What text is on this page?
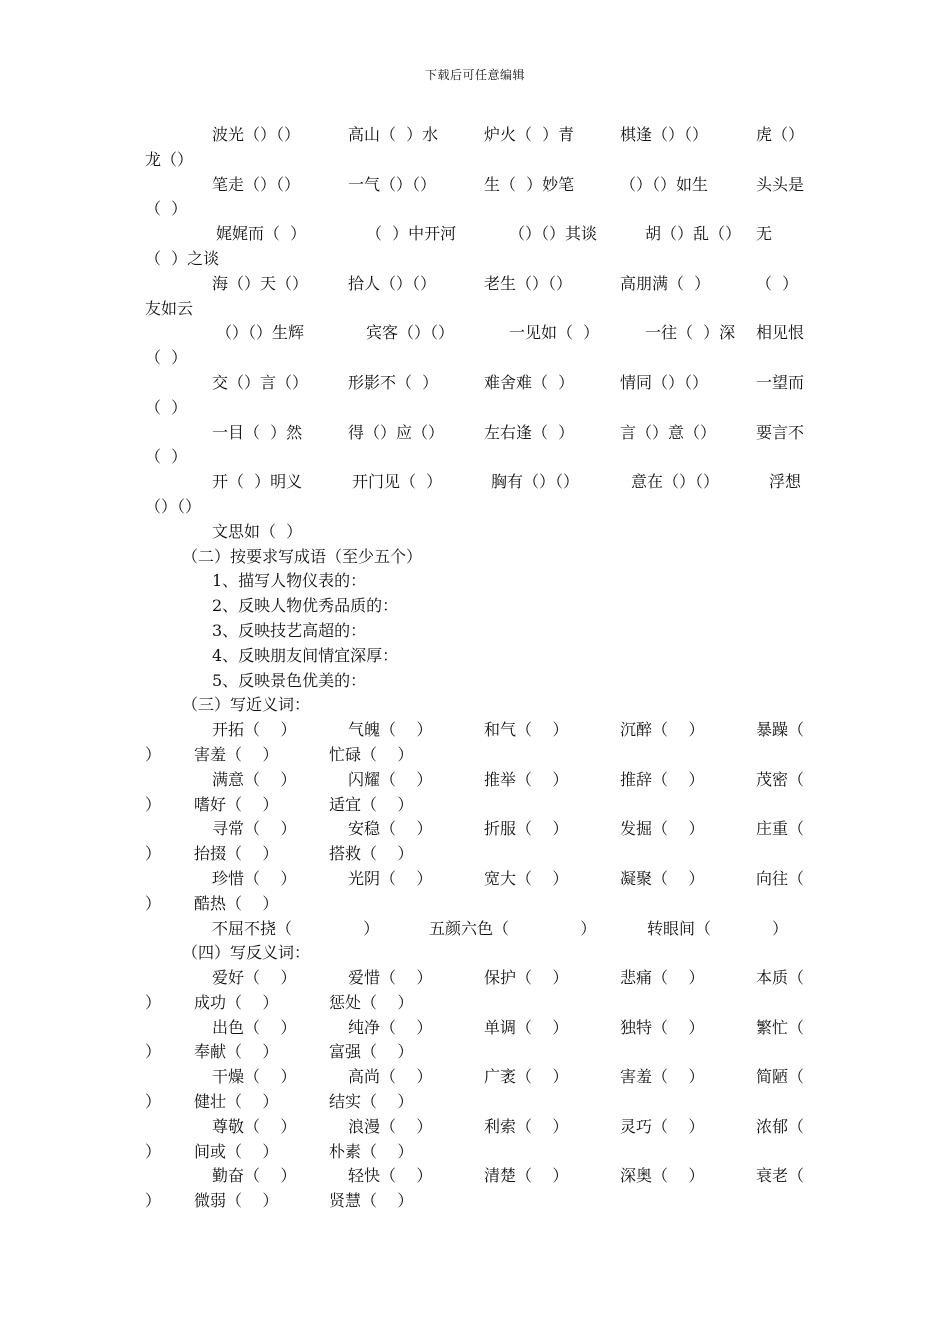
下载后可任意编辑
波光（）（）	高山（  ）水	炉火（  ）青	棋逢（）（）	虎（）
龙（）
笔走（）（）	一气（）（）	生（  ）妙笔	（）（）如生	头头是
（  ）
娓娓而（  ）	（  ）中开河	（）（）其谈	胡（）乱（） 无
（  ）之谈
海（）天（） 拾人（）（）	老生（）（）	高朋满（  ）	（  ）
友如云
（）（）生辉	宾客（）（）	一见如（  ）	一往（  ）深 相见恨
（  ）
交（）言（） 形影不（  ）	难舍难（  ）	情同（）（）	一望而
（  ）
一目（  ）然	得（）应（） 左右逢（  ）	言（）意（） 要言不
（  ）
开（  ）明义	开门见（  ）	胸有（）（）	意在（）（）	浮想
（）（）
文思如（  ）
（二）按要求写成语（至少五个）
1、描写人物仪表的：
2、反映人物优秀品质的：
3、反映技艺高超的：
4、反映朋友间情宜深厚：
5、反映景色优美的：
（三）写近义词：
开拓（    ）	气魄（    ）	和气（    ）	沉醉（    ）	暴躁（
） 害羞（    ）	忙碌（    ）
满意（    ）	闪耀（    ）	推举（    ）	推辞（    ）	茂密（
） 嗜好（    ）	适宜（    ）
寻常（    ）	安稳（    ）	折服（    ）	发掘（    ）	庄重（
） 抬掇（    ）	搭救（    ）
珍惜（    ）	光阴（    ）	宽大（    ）	凝聚（    ）	向往（
） 酷热（    ）
不屈不挠（              ）	五颜六色（              ）	转眼间（            ）
（四）写反义词：
爱好（    ）	爱惜（    ）	保护（    ）	悲痛（    ）	本质（
） 成功（    ）	惩处（    ）
出色（    ）	纯净（    ）	单调（    ）	独特（    ）	繁忙（
） 奉献（    ）	富强（    ）
干燥（    ）	高尚（    ）	广袤（    ）	害羞（    ）	简陋（
） 健壮（    ）	结实（    ）
尊敬（    ）	浪漫（    ）	利索（    ）	灵巧（    ）	浓郁（
） 间或（    ）	朴素（    ）
勤奋（    ）	轻快（    ）	清楚（    ）	深奥（    ）	衰老（
） 微弱（    ）	贤慧（    ）
